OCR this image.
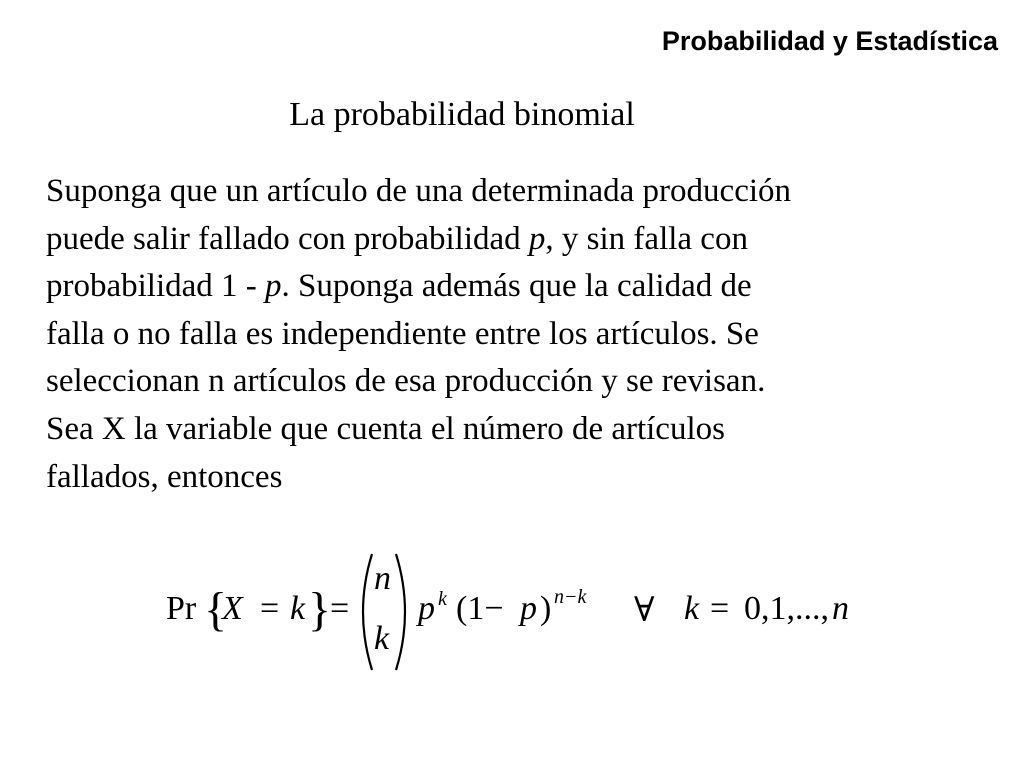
Probabilidad y Estadística
La probabilidad binomial
Suponga que un artículo de una determinada producción
puede salir fallado con probabilidad p, y sin falla con
probabilidad 1 - p. Suponga además que la calidad de
falla o no falla es independiente entre los artículos. Se
seleccionan n artículos de esa producción y se revisan.
Sea X la variable que cuenta el número de artículos
fallados, entonces
Pr {
X = k }
=
n
k
p k (1− p ) n−k ∀ k = 0,1,..., n
